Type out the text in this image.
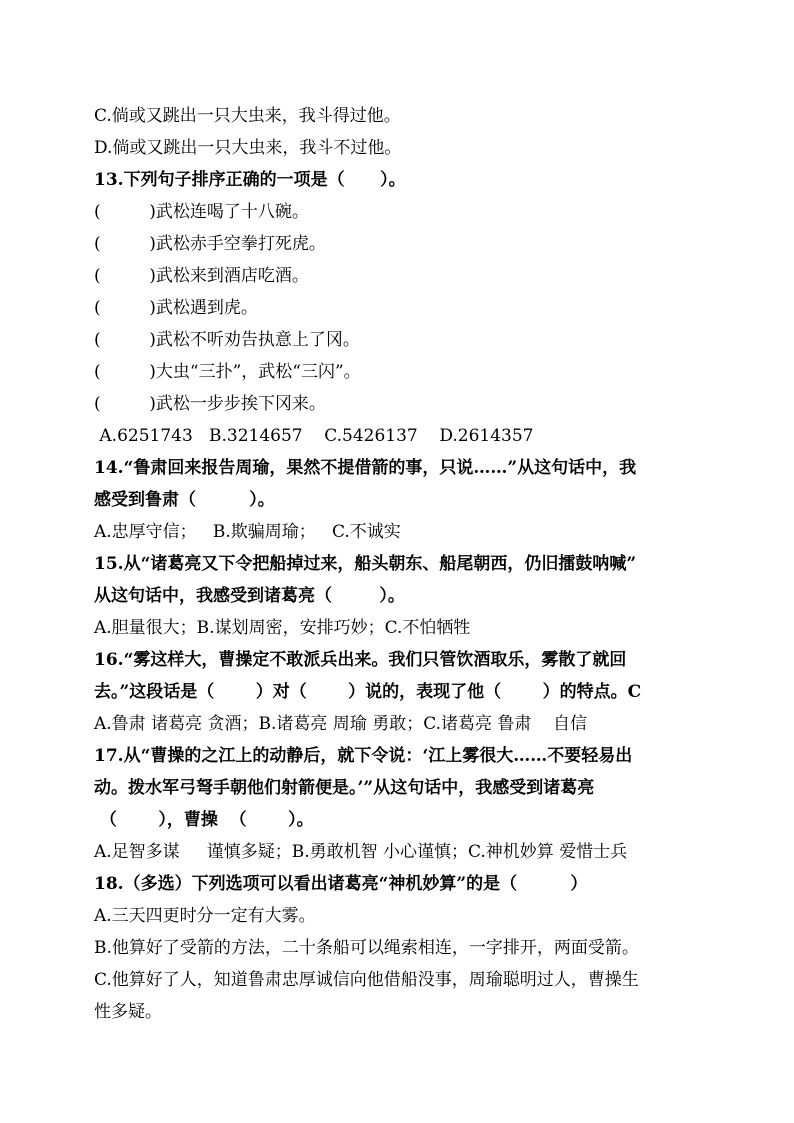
C.倘或又跳出一只大虫来，我斗得过他。
D.倘或又跳出一只大虫来，我斗不过他。
13.下列句子排序正确的一项是（      ）。
(         )武松连喝了十八碗。
(         )武松赤手空拳打死虎。
(         )武松来到酒店吃酒。
(         )武松遇到虎。
(         )武松不听劝告执意上了冈。
(         )大虫“三扑”，武松“三闪”。
(         )武松一步步挨下冈来。
A.6251743   B.3214657    C.5426137    D.2614357
14.“鲁肃回来报告周瑜，果然不提借箭的事，只说……”从这句话中，我
感受到鲁肃（         ）。
A.忠厚守信；   B.欺骗周瑜；   C.不诚实
15.从“诸葛亮又下令把船掉过来，船头朝东、船尾朝西，仍旧擂鼓呐喊”
从这句话中，我感受到诸葛亮（        ）。
A.胆量很大；B.谋划周密，安排巧妙；C.不怕牺牲
16.“雾这样大，曹操定不敢派兵出来。我们只管饮酒取乐，雾散了就回
去。”这段话是（       ）对（       ）说的，表现了他（       ）的特点。C
A.鲁肃 诸葛亮 贪酒；B.诸葛亮 周瑜 勇敢；C.诸葛亮 鲁肃    自信
17.从“曹操的之江上的动静后，就下令说：‘江上雾很大……不要轻易出
动。拨水军弓弩手朝他们射箭便是。’”从这句话中，我感受到诸葛亮
（       ），曹操  （       ）。
A.足智多谋     谨慎多疑；B.勇敢机智 小心谨慎；C.神机妙算 爱惜士兵
18.（多选）下列选项可以看出诸葛亮“神机妙算”的是（         ）
A.三天四更时分一定有大雾。
B.他算好了受箭的方法，二十条船可以绳索相连，一字排开，两面受箭。
C.他算好了人，知道鲁肃忠厚诚信向他借船没事，周瑜聪明过人，曹操生
性多疑。
